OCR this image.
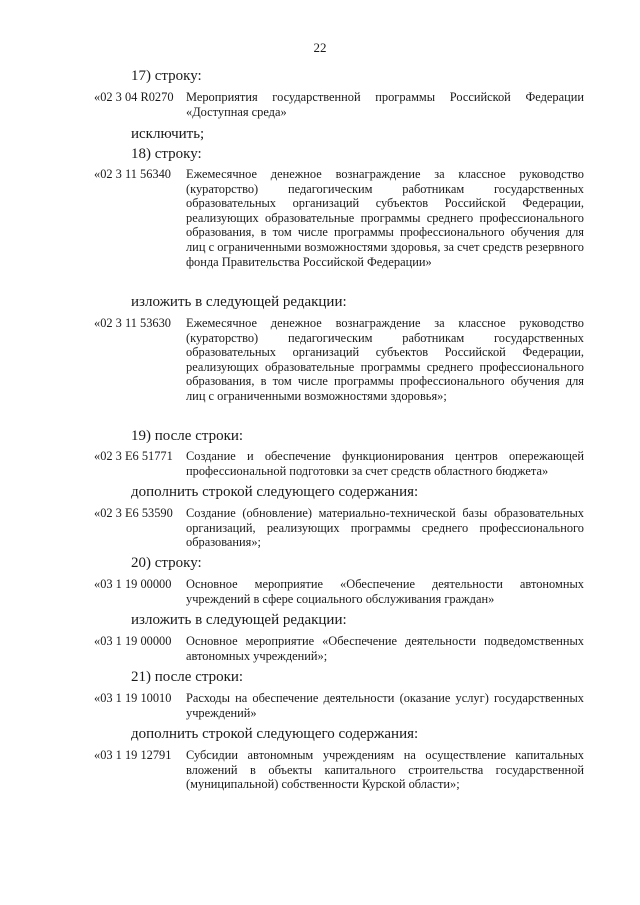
22
17) строку:
«02 3 04 R0270 Мероприятия государственной программы Российской Федерации «Доступная среда»
исключить;
18) строку:
«02 3 11 56340 Ежемесячное денежное вознаграждение за классное руководство (кураторство) педагогическим работникам государственных образовательных организаций субъектов Российской Федерации, реализующих образовательные программы среднего профессионального образования, в том числе программы профессионального обучения для лиц с ограниченными возможностями здоровья, за счет средств резервного фонда Правительства Российской Федерации»
изложить в следующей редакции:
«02 3 11 53630 Ежемесячное денежное вознаграждение за классное руководство (кураторство) педагогическим работникам государственных образовательных организаций субъектов Российской Федерации, реализующих образовательные программы среднего профессионального образования, в том числе программы профессионального обучения для лиц с ограниченными возможностями здоровья»;
19) после строки:
«02 3 Е6 51771 Создание и обеспечение функционирования центров опережающей профессиональной подготовки за счет средств областного бюджета»
дополнить строкой следующего содержания:
«02 3 Е6 53590 Создание (обновление) материально-технической базы образовательных организаций, реализующих программы среднего профессионального образования»;
20) строку:
«03 1 19 00000 Основное мероприятие «Обеспечение деятельности автономных учреждений в сфере социального обслуживания граждан»
изложить в следующей редакции:
«03 1 19 00000 Основное мероприятие «Обеспечение деятельности подведомственных автономных учреждений»;
21) после строки:
«03 1 19 10010 Расходы на обеспечение деятельности (оказание услуг) государственных учреждений»
дополнить строкой следующего содержания:
«03 1 19 12791 Субсидии автономным учреждениям на осуществление капитальных вложений в объекты капитального строительства государственной (муниципальной) собственности Курской области»;
